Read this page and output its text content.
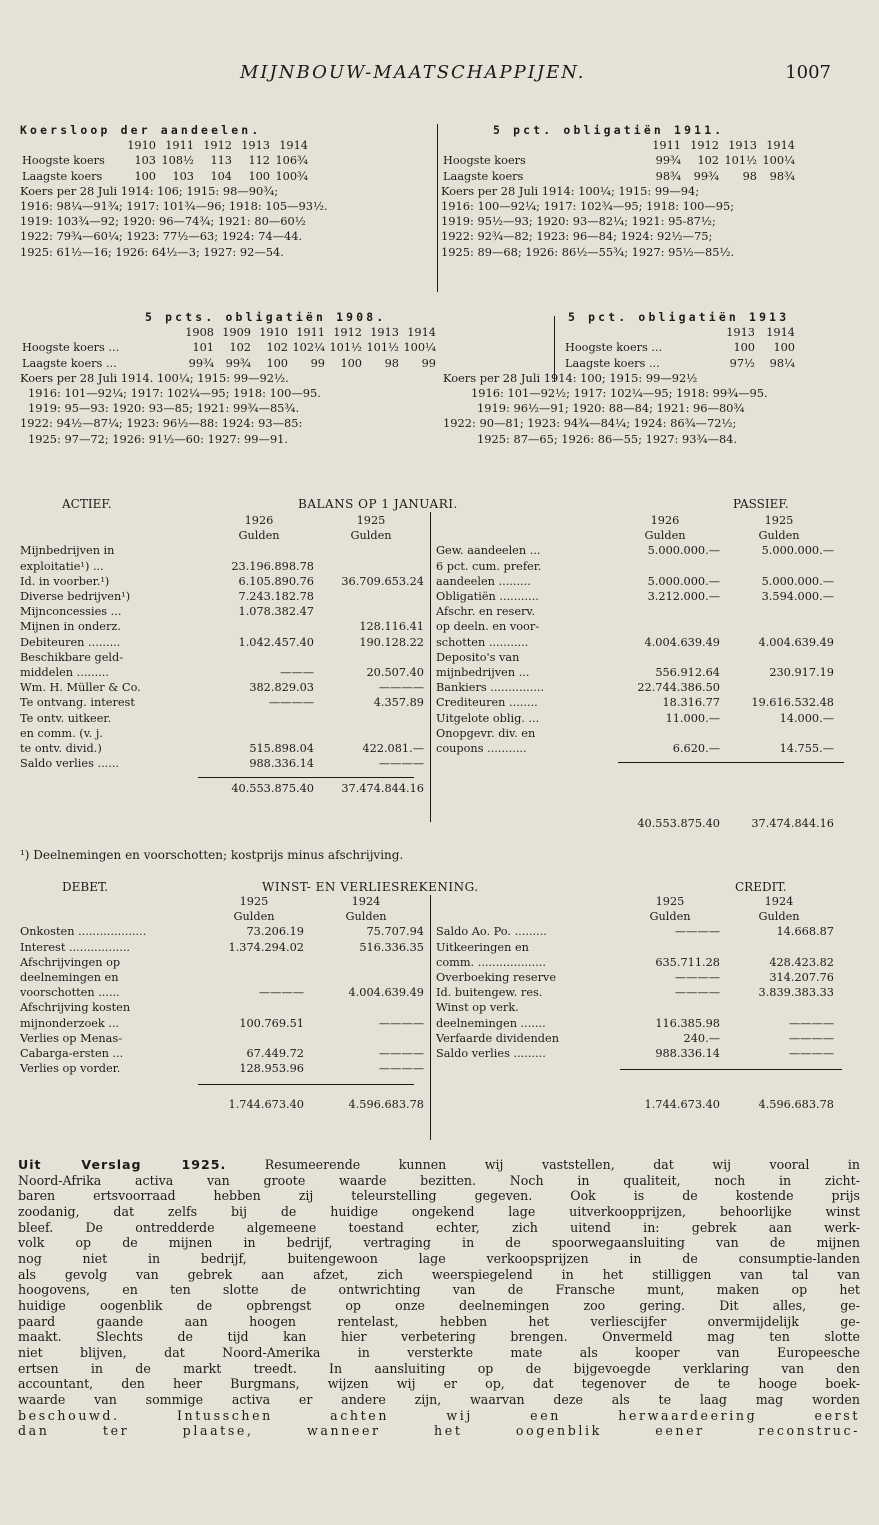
MIJNBOUW-MAATSCHAPPIJEN.	1007
Koersloop der aandeelen.
		1910	1911	1912	1913	1914
Hoogste koers		103	108½	113	112	106¾
Laagste koers		100	103	104	100	100¾
Koers per 28 Juli 1914: 106; 1915: 98—90¾;
1916: 98¼—91¾; 1917: 101¾—96; 1918: 105—93½.
1919: 103¾—92; 1920: 96—74¾; 1921: 80—60½
1922: 79¾—60¼; 1923: 77½—63; 1924: 74—44.
1925: 61½—16; 1926: 64½—3; 1927: 92—54.
5 pct. obligatiën 1911.
	1911	1912	1913	1914
Hoogste koers	99¾	102	101½	100¼
Laagste koers	98¾	99¾	98	98¾
Koers per 28 Juli 1914: 100¼; 1915: 99—94;
1916: 100—92¼; 1917: 102¾—95; 1918: 100—95;
1919: 95½—93; 1920: 93—82¼; 1921: 95-87½;
1922: 92¾—82; 1923: 96—84; 1924: 92½—75;
1925: 89—68; 1926: 86½—55¾; 1927: 95½—85½.
5 pcts. obligatiën 1908.
	1908	1909	1910	1911	1912	1913	1914
Hoogste koers ...	101	102	102	102¼	101½	101½	100¼
Laagste koers ...	99¾	99¾	100	99	100	98	99
Koers per 28 Juli 1914. 100¼; 1915: 99—92½.
1916: 101—92¼; 1917: 102¼—95; 1918: 100—95.
1919: 95—93: 1920: 93—85; 1921: 99¾—85¾.
1922: 94½—87¼; 1923: 96½—88: 1924: 93—85:
1925: 97—72; 1926: 91½—60: 1927: 99—91.
5 pct. obligatiën 1913
	1913	1914
Hoogste koers ...	100	100
Laagste koers ...	97½	98¼
Koers per 28 Juli 1914: 100; 1915: 99—92½
1916: 101—92½; 1917: 102¼—95; 1918: 99¾—95.
1919: 96½—91; 1920: 88—84; 1921: 96—80¾
1922: 90—81; 1923: 94¾—84¼; 1924: 86¾—72½;
1925: 87—65; 1926: 86—55; 1927: 93¾—84.
ACTIEF.	BALANS OP 1 JANUARI.	PASSIEF.
	1926	1925
	Gulden	Gulden
Mijnbedrijven in		
exploitatie¹) ...	23.196.898.78	
Id. in voorber.¹)	6.105.890.76	36.709.653.24
Diverse bedrijven¹)	7.243.182.78	
Mijnconcessies ...	1.078.382.47	
Mijnen in onderz.		128.116.41
Debiteuren .........	1.042.457.40	190.128.22
Beschikbare geld-		
middelen .........	———	20.507.40
Wm. H. Müller & Co.	382.829.03	————
Te ontvang. interest	————	4.357.89
Te ontv. uitkeer.		
en comm. (v. j.		
te ontv. divid.)	515.898.04	422.081.—
Saldo verlies ......	988.336.14	————
	40.553.875.40	37.474.844.16
	1926	1925
	Gulden	Gulden
Gew. aandeelen ...	5.000.000.—	5.000.000.—
6 pct. cum. prefer.		
aandeelen .........	5.000.000.—	5.000.000.—
Obligatiën ...........	3.212.000.—	3.594.000.—
Afschr. en reserv.		
op deeln. en voor-		
schotten ...........	4.004.639.49	4.004.639.49
Deposito's van		
mijnbedrijven ...	556.912.64	230.917.19
Bankiers ...............	22.744.386.50	
Crediteuren ........	18.316.77	19.616.532.48
Uitgelote oblig. ...	11.000.—	14.000.—
Onopgevr. div. en		
coupons ...........	6.620.—	14.755.—
	40.553.875.40	37.474.844.16
¹) Deelnemingen en voorschotten; kostprijs minus afschrijving.
DEBET.	WINST- EN VERLIESREKENING.	CREDIT.
	1925	1924
	Gulden	Gulden
Onkosten ...................	73.206.19	75.707.94
Interest .................	1.374.294.02	516.336.35
Afschrijvingen op		
deelnemingen en		
voorschotten ......	————	4.004.639.49
Afschrijving kosten		
mijnonderzoek ...	100.769.51	————
Verlies op Menas-		
Cabarga-ersten ...	67.449.72	————
Verlies op vorder.	128.953.96	————
	1.744.673.40	4.596.683.78
	1925	1924
	Gulden	Gulden
Saldo Ao. Po. .........	————	14.668.87
Uitkeeringen en		
comm. ...................	635.711.28	428.423.82
Overboeking reserve	————	314.207.76
Id. buitengew. res.	————	3.839.383.33
Winst op verk.		
deelnemingen .......	116.385.98	————
Verfaarde dividenden	240.—	————
Saldo verlies .........	988.336.14	————
	1.744.673.40	4.596.683.78
Uit Verslag 1925.	Resumeerende kunnen wij vaststellen, dat wij vooral in
Noord-Afrika activa van groote waarde bezitten. Noch in qualiteit, noch in zicht-
baren ertsvoorraad hebben zij teleurstelling gegeven. Ook is de kostende prijs
zoodanig, dat zelfs bij de huidige ongekend lage uitverkoopprijzen, behoorlijke winst
bleef. De ontredderde algemeene toestand echter, zich uitend in: gebrek aan werk-
volk op de mijnen in bedrijf, vertraging in de spoorwegaansluiting van de mijnen
nog niet in bedrijf, buitengewoon lage verkoopsprijzen in de consumptie-landen
als gevolg van gebrek aan afzet, zich weerspiegelend in het stilliggen van tal van
hoogovens, en ten slotte de ontwrichting van de Fransche munt, maken op het
huidige oogenblik de opbrengst op onze deelnemingen zoo gering. Dit alles, ge-
paard gaande aan hoogen rentelast, hebben het verliescijfer onvermijdelijk ge-
maakt. Slechts de tijd kan hier verbetering brengen. Onvermeld mag ten slotte
niet blijven, dat Noord-Amerika in versterkte mate als kooper van Europeesche
ertsen in de markt treedt. In aansluiting op de bijgevoegde verklaring van den
accountant, den heer Burgmans, wijzen wij er op, dat tegenover de te hooge boek-
waarde van sommige activa er andere zijn, waarvan deze als te laag mag worden
beschouwd. Intusschen achten wij een herwaardeering eerst
dan ter plaatse, wanneer het oogenblik eener reconstruc-
